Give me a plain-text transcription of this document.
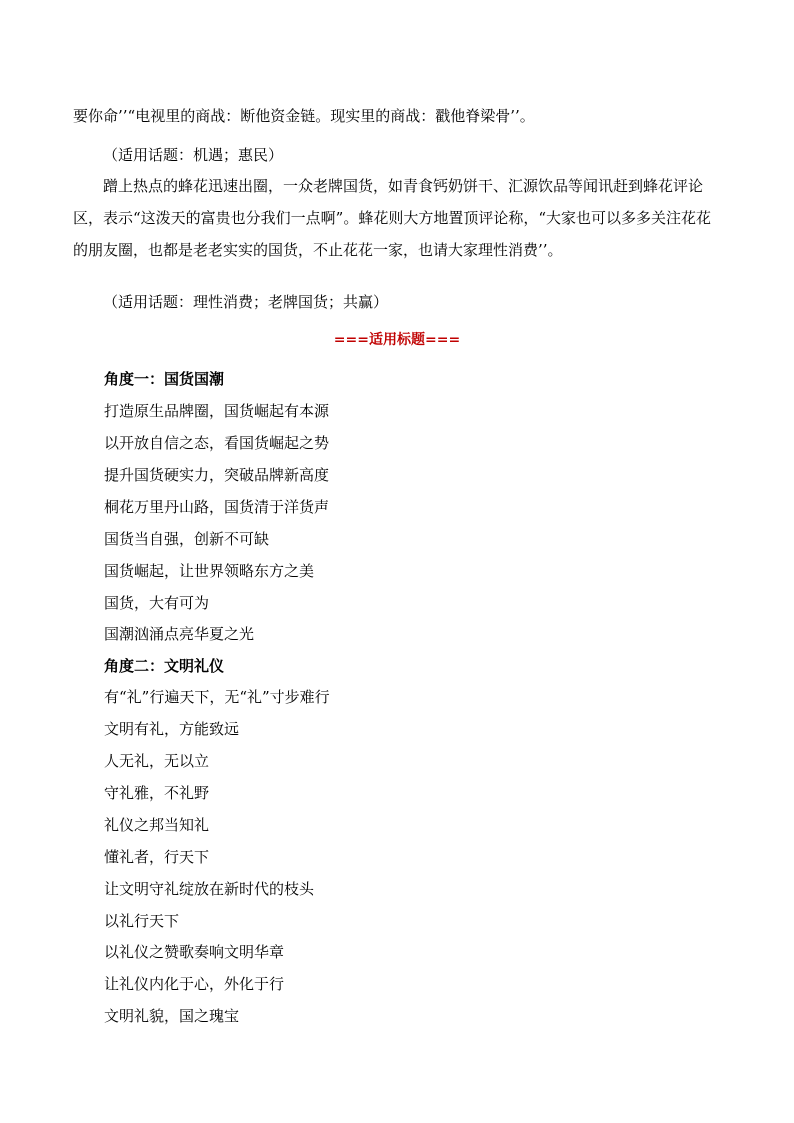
要你命’’“电视里的商战：断他资金链。现实里的商战：戳他脊梁骨’’。

（适用话题：机遇；惠民）

蹭上热点的蜂花迅速出圈，一众老牌国货，如青食钙奶饼干、汇源饮品等闻讯赶到蜂花评论区，表示“这泼天的富贵也分我们一点啊”。蜂花则大方地置顶评论称，“大家也可以多多关注花花的朋友圈，也都是老老实实的国货，不止花花一家，也请大家理性消费’’。

（适用话题：理性消费；老牌国货；共赢）

===适用标题===

角度一：国货国潮

打造原生品牌圈，国货崛起有本源

以开放自信之态，看国货崛起之势

提升国货硬实力，突破品牌新高度

桐花万里丹山路，国货清于洋货声

国货当自强，创新不可缺

国货崛起，让世界领略东方之美

国货，大有可为

国潮汹涌点亮华夏之光

角度二：文明礼仪

有“礼”行遍天下，无“礼”寸步难行

文明有礼，方能致远

人无礼，无以立

守礼雅，不礼野

礼仪之邦当知礼

懂礼者，行天下

让文明守礼绽放在新时代的枝头

以礼行天下

以礼仪之赞歌奏响文明华章

让礼仪内化于心，外化于行

文明礼貌，国之瑰宝
